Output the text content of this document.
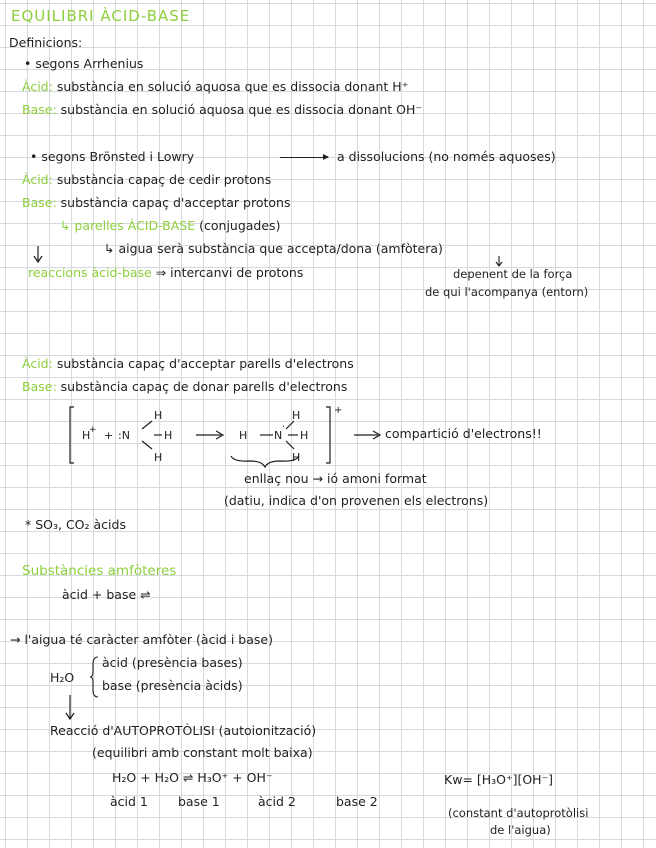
EQUILIBRI ÀCID-BASE
Definicions:
• segons Arrhenius
Àcid: substància en solució aquosa que es dissocia donant H⁺
Base: substància en solució aquosa que es dissocia donant OH⁻
• segons Brönsted i Lowry	a dissolucions (no només aquoses)
Àcid: substància capaç de cedir protons
Base: substància capaç d'acceptar protons
↳ parelles ÀCID-BASE (conjugades)
↳ aigua serà substància que accepta/dona (amfòtera)
reaccions àcid-base ⇒ intercanvi de protons	depenent de la força
de qui l'acompanya (entorn)
Àcid: substància capaç d'acceptar parells d'electrons
Base: substància capaç de donar parells d'electrons
H
+ + :N
H
H
H
H N
H
H
H
.
+
compartició d'electrons!!
enllaç nou → ió amoni format
(datiu, indica d'on provenen els electrons)
* SO₃, CO₂ àcids
Substàncies amfòteres
àcid + base ⇌
→ l'aigua té caràcter amfòter (àcid i base)
H₂O
àcid (presència bases)
base (presència àcids)
Reacció d'AUTOPROTÒLISI (autoionització)
(equilibri amb constant molt baixa)
H₂O + H₂O ⇌ H₃O⁺ + OH⁻
àcid 1 base 1	àcid 2	base 2
Kw= [H₃O⁺][OH⁻]
(constant d'autoprotòlisi
de l'aigua)
